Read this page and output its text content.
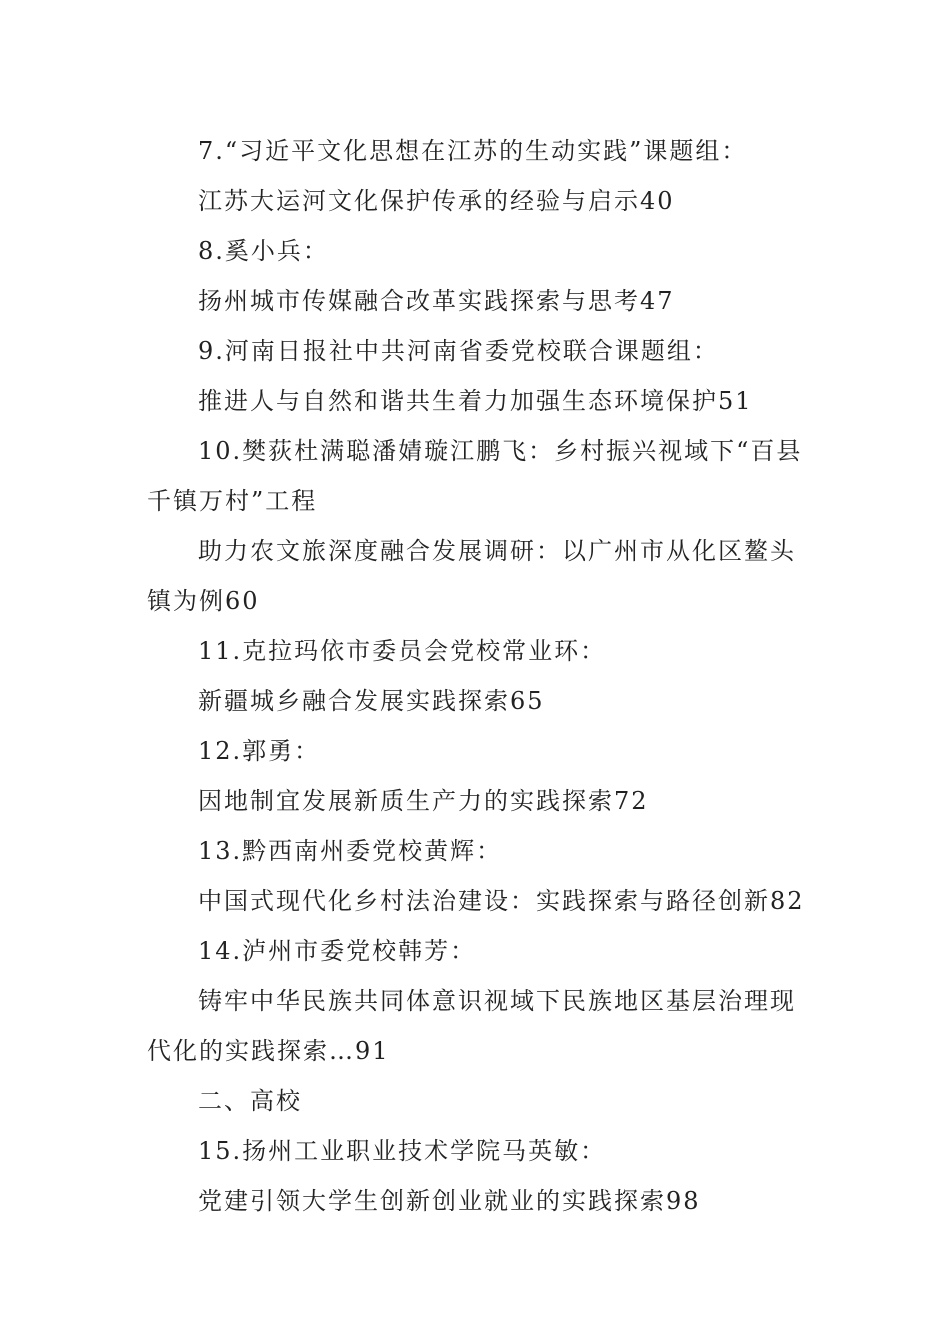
7.“习近平文化思想在江苏的生动实践”课题组：
江苏大运河文化保护传承的经验与启示40
8.奚小兵：
扬州城市传媒融合改革实践探索与思考47
9.河南日报社中共河南省委党校联合课题组：
推进人与自然和谐共生着力加强生态环境保护51
10.樊荻杜满聪潘婧璇江鹏飞：乡村振兴视域下“百县
千镇万村”工程
助力农文旅深度融合发展调研：以广州市从化区鳌头
镇为例60
11.克拉玛依市委员会党校常业环：
新疆城乡融合发展实践探索65
12.郭勇：
因地制宜发展新质生产力的实践探索72
13.黔西南州委党校黄辉：
中国式现代化乡村法治建设：实践探索与路径创新82
14.泸州市委党校韩芳：
铸牢中华民族共同体意识视域下民族地区基层治理现
代化的实践探索…91
二、高校
15.扬州工业职业技术学院马英敏：
党建引领大学生创新创业就业的实践探索98
